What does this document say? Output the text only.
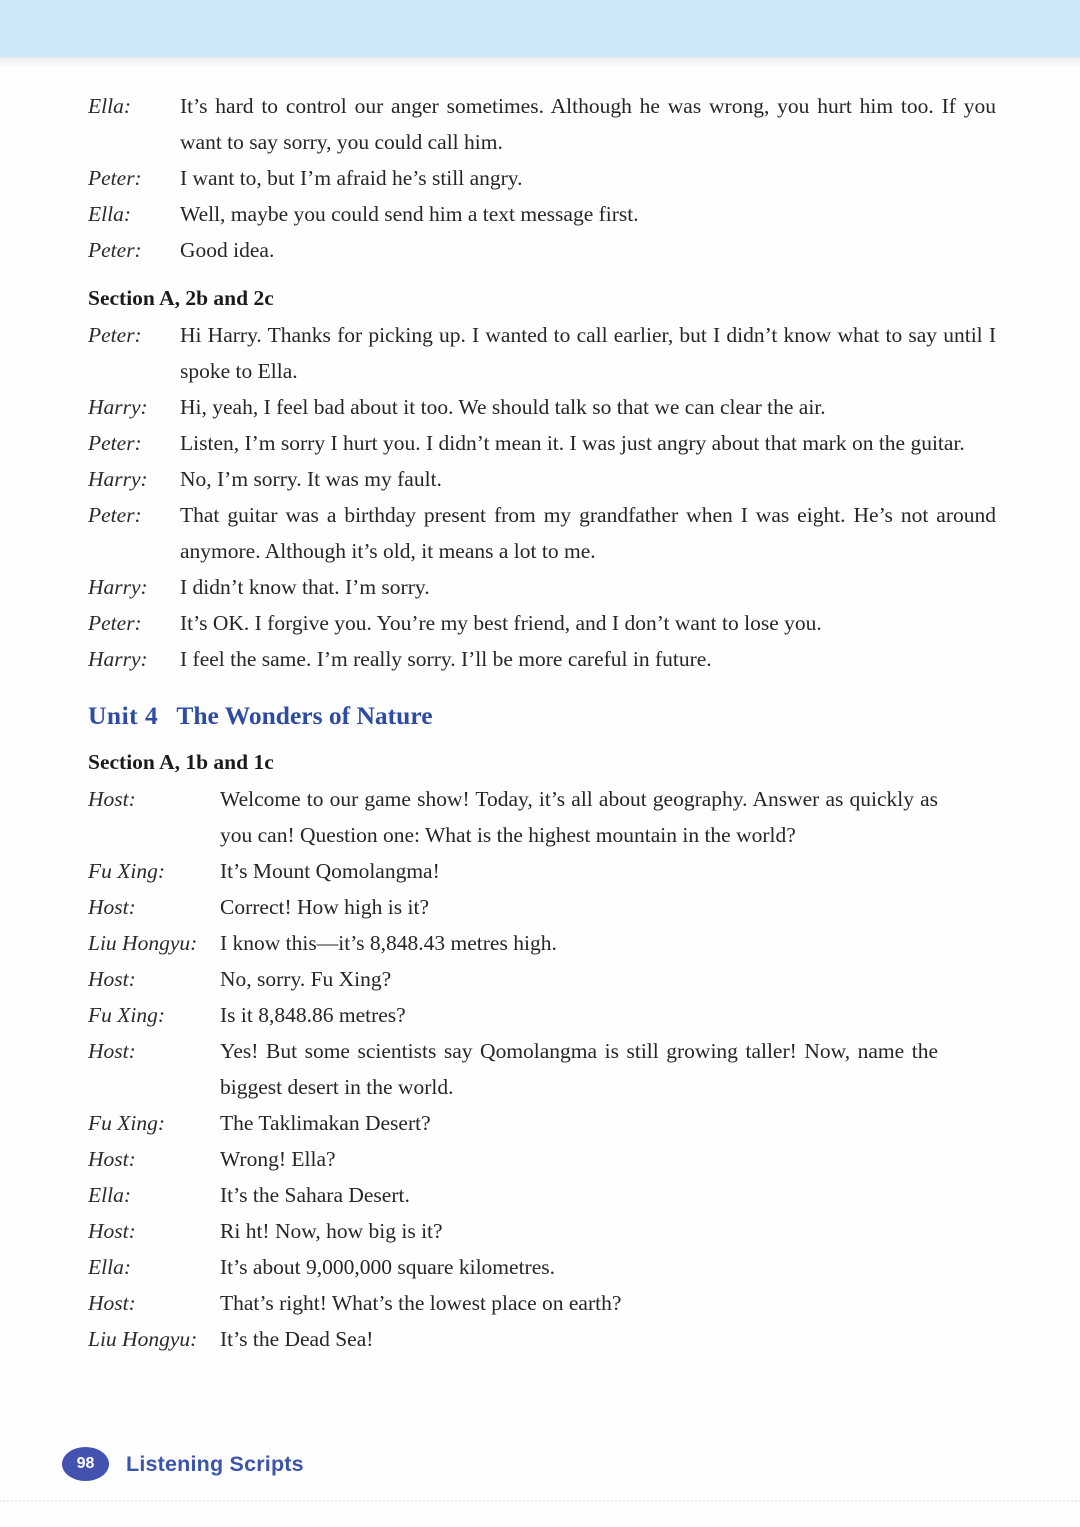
Ella:	It’s hard to control our anger sometimes. Although he was wrong, you hurt him too. If you want to say sorry, you could call him.
Peter:	I want to, but I’m afraid he’s still angry.
Ella:	Well, maybe you could send him a text message first.
Peter:	Good idea.
Section A, 2b and 2c
Peter:	Hi Harry. Thanks for picking up. I wanted to call earlier, but I didn’t know what to say until I spoke to Ella.
Harry:	Hi, yeah, I feel bad about it too. We should talk so that we can clear the air.
Peter:	Listen, I’m sorry I hurt you. I didn’t mean it. I was just angry about that mark on the guitar.
Harry:	No, I’m sorry. It was my fault.
Peter:	That guitar was a birthday present from my grandfather when I was eight. He’s not around anymore. Although it’s old, it means a lot to me.
Harry:	I didn’t know that. I’m sorry.
Peter:	It’s OK. I forgive you. You’re my best friend, and I don’t want to lose you.
Harry:	I feel the same. I’m really sorry. I’ll be more careful in future.
Unit 4 The Wonders of Nature
Section A, 1b and 1c
Host:	Welcome to our game show! Today, it’s all about geography. Answer as quickly as you can! Question one: What is the highest mountain in the world?
Fu Xing:	It’s Mount Qomolangma!
Host:	Correct! How high is it?
Liu Hongyu:	I know this—it’s 8,848.43 metres high.
Host:	No, sorry. Fu Xing?
Fu Xing:	Is it 8,848.86 metres?
Host:	Yes! But some scientists say Qomolangma is still growing taller! Now, name the biggest desert in the world.
Fu Xing:	The Taklimakan Desert?
Host:	Wrong! Ella?
Ella:	It’s the Sahara Desert.
Host:	Ri ht! Now, how big is it?
Ella:	It’s about 9,000,000 square kilometres.
Host:	That’s right! What’s the lowest place on earth?
Liu Hongyu:	It’s the Dead Sea!
98	Listening Scripts
